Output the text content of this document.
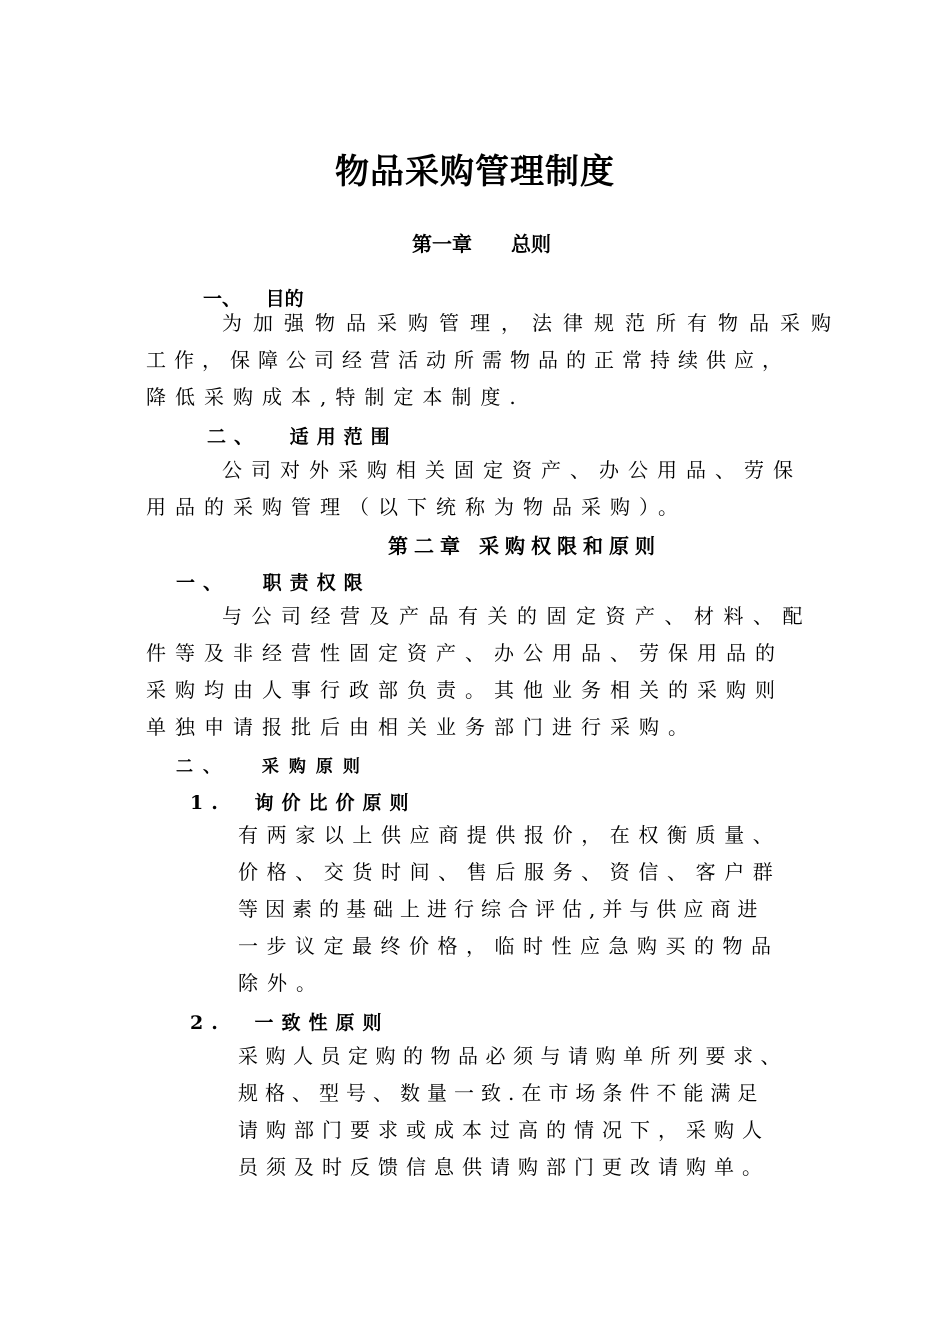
物品采购管理制度
第一章 总则
一、 目的
为加强物品采购管理，法律规范所有物品采购
工作，保障公司经营活动所需物品的正常持续供应，
降低采购成本,特制定本制度.
二、 适用范围
公司对外采购相关固定资产、办公用品、劳保
用品的采购管理（以下统称为物品采购）。
第二章 采购权限和原则
一、 职责权限
与公司经营及产品有关的固定资产、材料、配
件等及非经营性固定资产、办公用品、劳保用品的
采购均由人事行政部负责。其他业务相关的采购则
单独申请报批后由相关业务部门进行采购。
二、 采购原则
1. 询价比价原则
有两家以上供应商提供报价，在权衡质量、
价格、交货时间、售后服务、资信、客户群
等因素的基础上进行综合评估,并与供应商进
一步议定最终价格，临时性应急购买的物品
除外。
2. 一致性原则
采购人员定购的物品必须与请购单所列要求、
规格、型号、数量一致.在市场条件不能满足
请购部门要求或成本过高的情况下，采购人
员须及时反馈信息供请购部门更改请购单。
